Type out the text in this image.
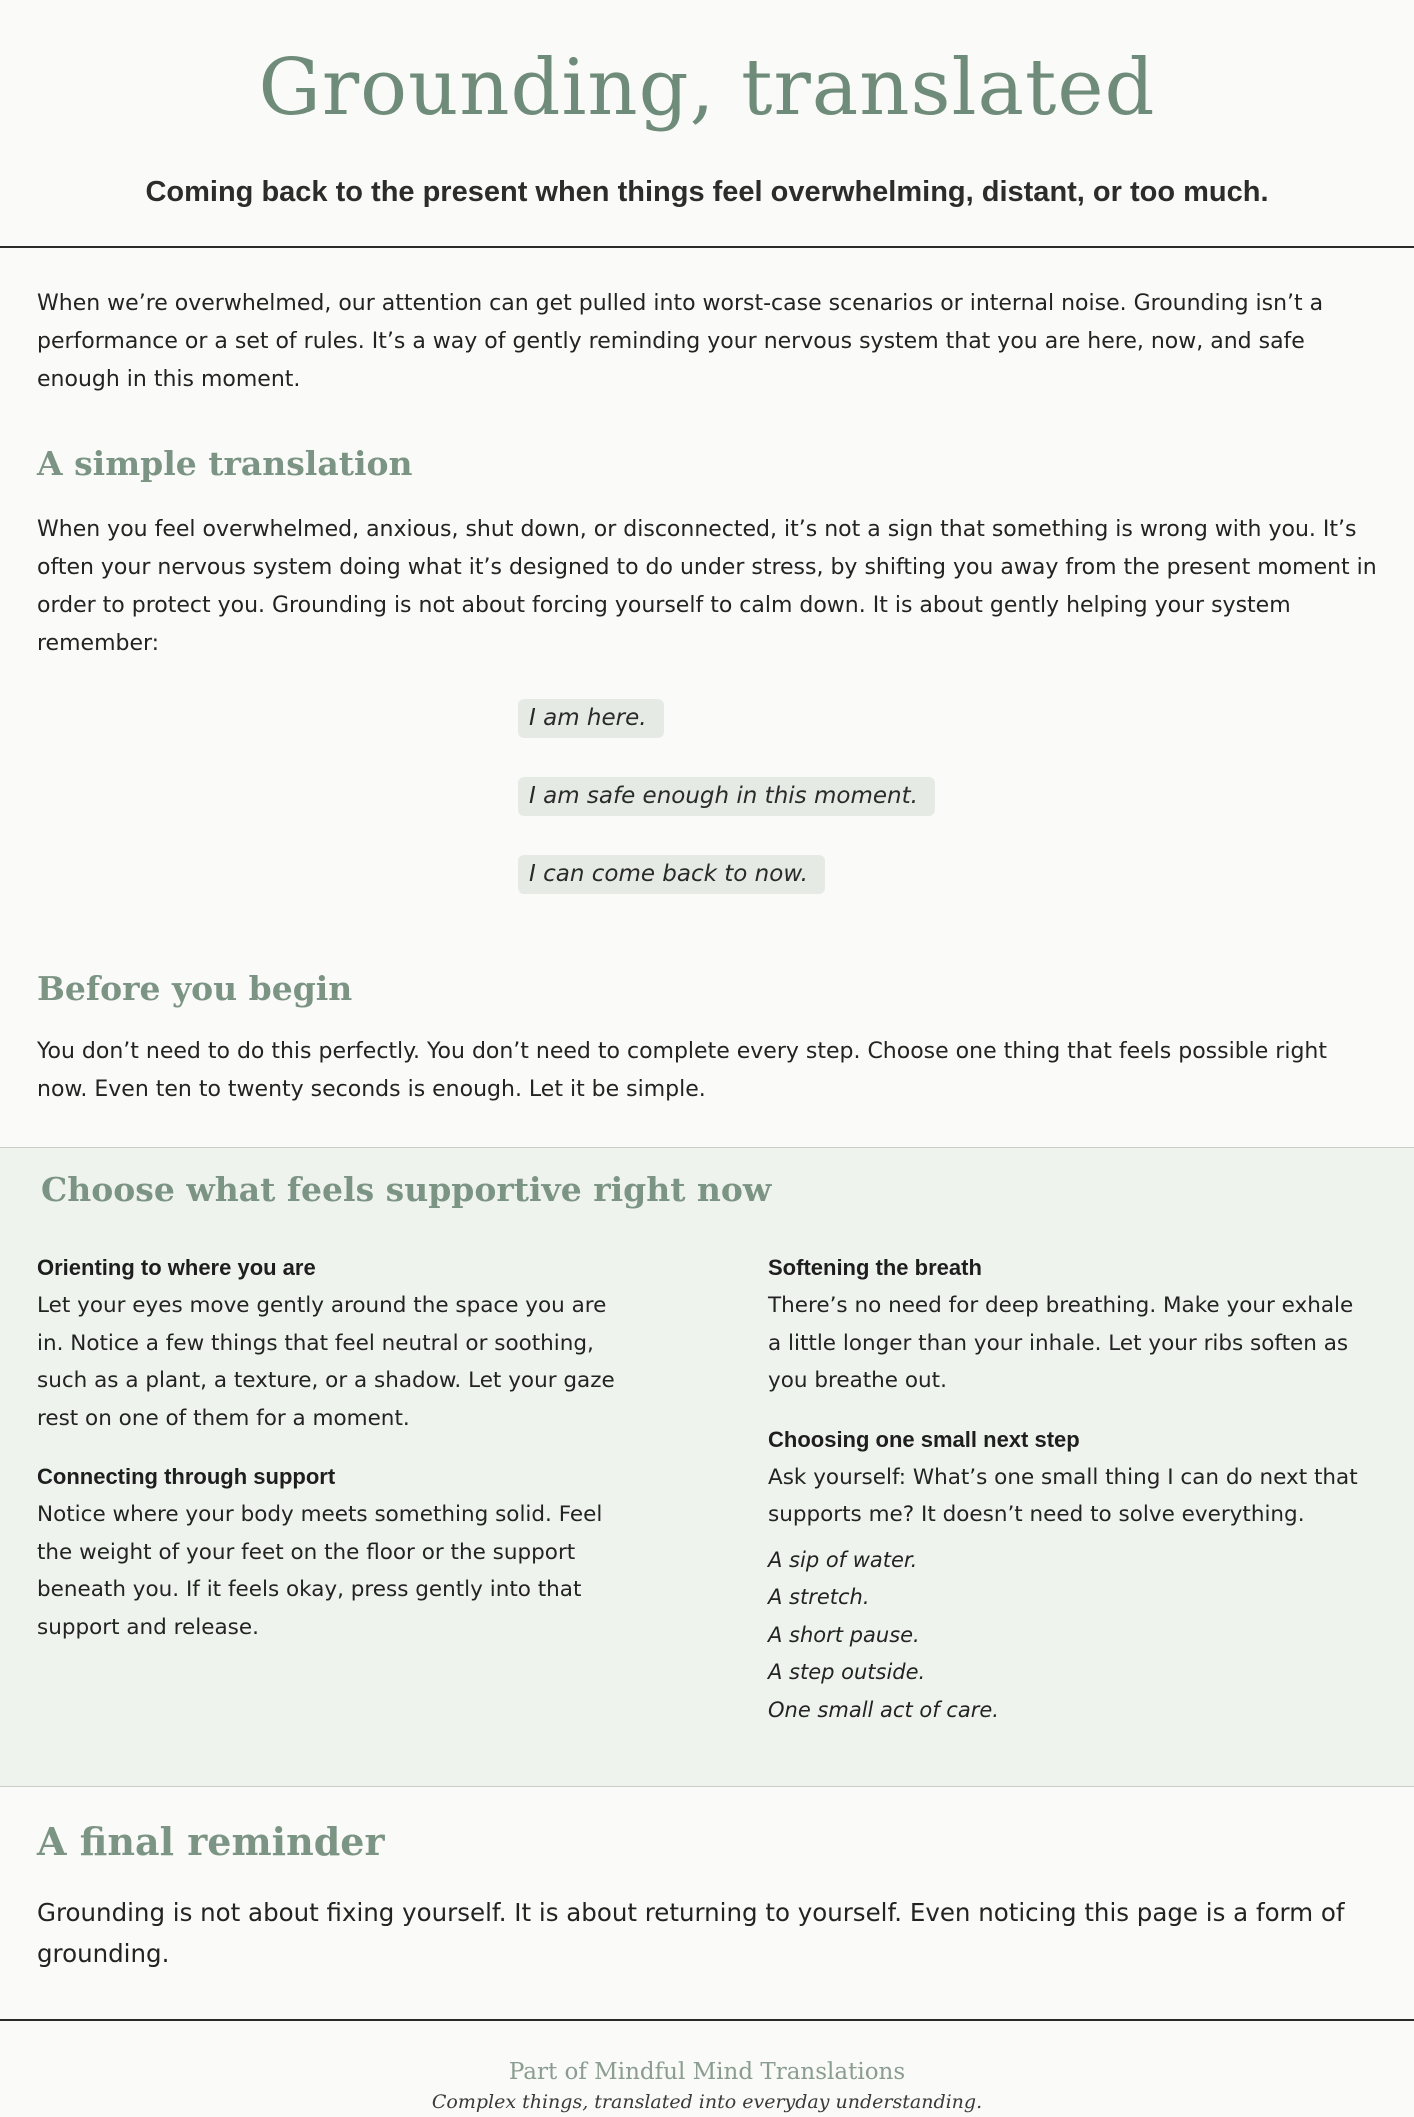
Grounding, translated

Coming back to the present when things feel overwhelming, distant, or too much.

When we’re overwhelmed, our attention can get pulled into worst-case scenarios or internal noise. Grounding isn’t a performance or a set of rules. It’s a way of gently reminding your nervous system that you are here, now, and safe enough in this moment.

A simple translation

When you feel overwhelmed, anxious, shut down, or disconnected, it’s not a sign that something is wrong with you. It’s often your nervous system doing what it’s designed to do under stress, by shifting you away from the present moment in order to protect you. Grounding is not about forcing yourself to calm down. It is about gently helping your system remember:

I am here.
I am safe enough in this moment.
I can come back to now.
Before you begin

You don’t need to do this perfectly. You don’t need to complete every step. Choose one thing that feels possible right now. Even ten to twenty seconds is enough. Let it be simple.

Choose what feels supportive right now
Orienting to where you are
Let your eyes move gently around the space you are in. Notice a few things that feel neutral or soothing, such as a plant, a texture, or a shadow. Let your gaze rest on one of them for a moment.
Connecting through support
Notice where your body meets something solid. Feel the weight of your feet on the floor or the support beneath you. If it feels okay, press gently into that support and release.
Softening the breath
There’s no need for deep breathing. Make your exhale a little longer than your inhale. Let your ribs soften as you breathe out.
Choosing one small next step
Ask yourself: What’s one small thing I can do next that supports me? It doesn’t need to solve everything.
A sip of water.
A stretch.
A short pause.
A step outside.
One small act of care.
A final reminder

Grounding is not about fixing yourself. It is about returning to yourself. Even noticing this page is a form of grounding.

Part of Mindful Mind Translations
Complex things, translated into everyday understanding.
